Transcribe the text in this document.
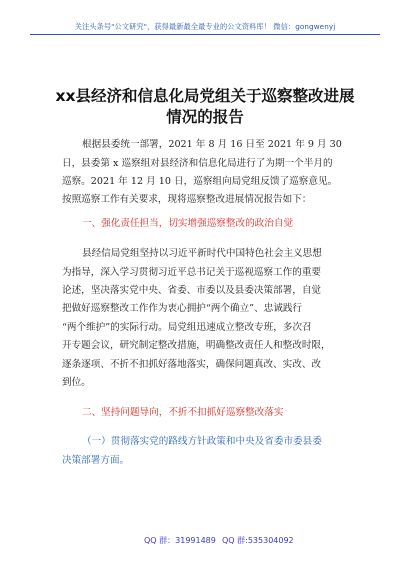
关注头条号"公文研究"，获得最新最全最专业的公文资料库！ 微信：gongwenyj
xx县经济和信息化局党组关于巡察整改进展
情况的报告
根据县委统一部署，2021 年 8 月 16 日至 2021 年 9 月 30
日，县委第 x 巡察组对县经济和信息化局进行了为期一个半月的
巡察。2021 年 12 月 10 日，巡察组向局党组反馈了巡察意见。
按照巡察工作有关要求，现将巡察整改进展情况报告如下：
一、强化责任担当，切实增强巡察整改的政治自觉
县经信局党组坚持以习近平新时代中国特色社会主义思想
为指导，深入学习贯彻习近平总书记关于巡视巡察工作的重要
论述，坚决落实党中央、省委、市委以及县委决策部署，自觉
把做好巡察整改工作作为衷心拥护“两个确立”、忠诚践行
“两个维护”的实际行动。局党组迅速成立整改专班，多次召
开专题会议，研究制定整改措施，明确整改责任人和整改时限，
逐条逐项、不折不扣抓好落地落实，确保问题真改、实改、改
到位。
二、坚持问题导向，不折不扣抓好巡察整改落实
（一）贯彻落实党的路线方针政策和中央及省委市委县委
决策部署方面。
QQ 群：31991489 QQ 群:535304092
